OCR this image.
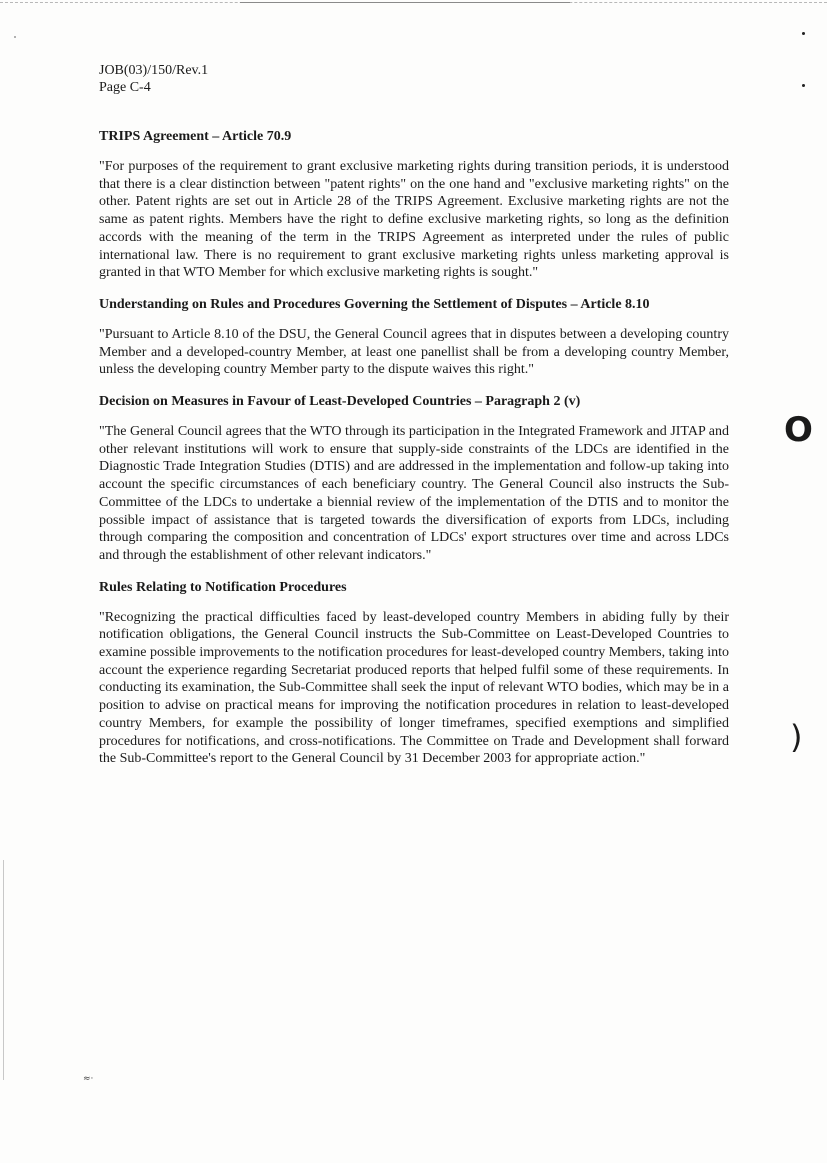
O
)
≈·
JOB(03)/150/Rev.1
Page C-4
TRIPS Agreement – Article 70.9
"For purposes of the requirement to grant exclusive marketing rights during transition periods, it is understood that there is a clear distinction between "patent rights" on the one hand and "exclusive marketing rights" on the other. Patent rights are set out in Article 28 of the TRIPS Agreement. Exclusive marketing rights are not the same as patent rights. Members have the right to define exclusive marketing rights, so long as the definition accords with the meaning of the term in the TRIPS Agreement as interpreted under the rules of public international law. There is no requirement to grant exclusive marketing rights unless marketing approval is granted in that WTO Member for which exclusive marketing rights is sought."
Understanding on Rules and Procedures Governing the Settlement of Disputes – Article 8.10
"Pursuant to Article 8.10 of the DSU, the General Council agrees that in disputes between a developing country Member and a developed-country Member, at least one panellist shall be from a developing country Member, unless the developing country Member party to the dispute waives this right."
Decision on Measures in Favour of Least-Developed Countries – Paragraph 2 (v)
"The General Council agrees that the WTO through its participation in the Integrated Framework and JITAP and other relevant institutions will work to ensure that supply-side constraints of the LDCs are identified in the Diagnostic Trade Integration Studies (DTIS) and are addressed in the implementation and follow-up taking into account the specific circumstances of each beneficiary country. The General Council also instructs the Sub-Committee of the LDCs to undertake a biennial review of the implementation of the DTIS and to monitor the possible impact of assistance that is targeted towards the diversification of exports from LDCs, including through comparing the composition and concentration of LDCs' export structures over time and across LDCs and through the establishment of other relevant indicators."
Rules Relating to Notification Procedures
"Recognizing the practical difficulties faced by least-developed country Members in abiding fully by their notification obligations, the General Council instructs the Sub-Committee on Least-Developed Countries to examine possible improvements to the notification procedures for least-developed country Members, taking into account the experience regarding Secretariat produced reports that helped fulfil some of these requirements. In conducting its examination, the Sub-Committee shall seek the input of relevant WTO bodies, which may be in a position to advise on practical means for improving the notification procedures in relation to least-developed country Members, for example the possibility of longer timeframes, specified exemptions and simplified procedures for notifications, and cross-notifications. The Committee on Trade and Development shall forward the Sub-Committee's report to the General Council by 31 December 2003 for appropriate action."
